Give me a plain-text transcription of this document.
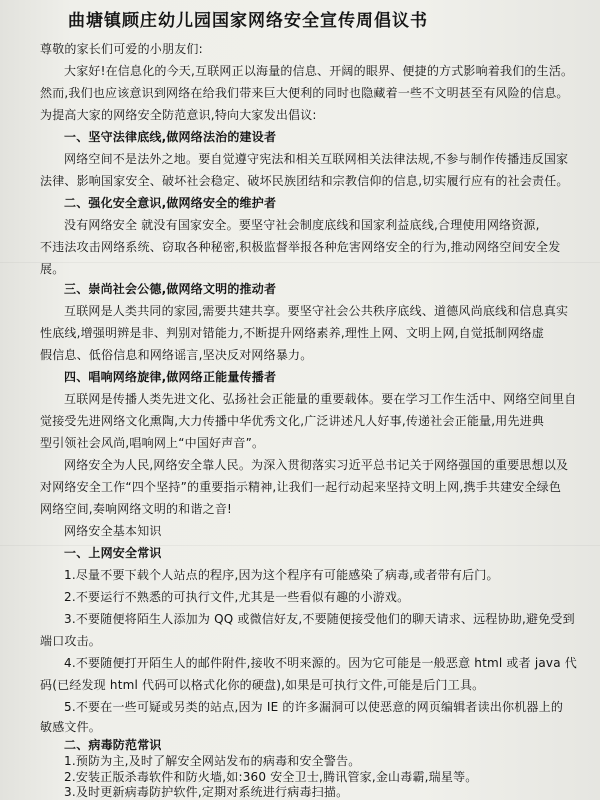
曲塘镇顾庄幼儿园国家网络安全宣传周倡议书
尊敬的家长们可爱的小朋友们:
大家好!在信息化的今天,互联网正以海量的信息、开阔的眼界、便捷的方式影响着我们的生活。
然而,我们也应该意识到网络在给我们带来巨大便利的同时也隐藏着一些不文明甚至有风险的信息。
为提高大家的网络安全防范意识,特向大家发出倡议:
一、坚守法律底线,做网络法治的建设者
网络空间不是法外之地。要自觉遵守宪法和相关互联网相关法律法规,不参与制作传播违反国家
法律、影响国家安全、破坏社会稳定、破坏民族团结和宗教信仰的信息,切实履行应有的社会责任。
二、强化安全意识,做网络安全的维护者
没有网络安全 就没有国家安全。要坚守社会制度底线和国家利益底线,合理使用网络资源,
不违法攻击网络系统、窃取各种秘密,积极监督举报各种危害网络安全的行为,推动网络空间安全发
展。
三、崇尚社会公德,做网络文明的推动者
互联网是人类共同的家园,需要共建共享。要坚守社会公共秩序底线、道德风尚底线和信息真实
性底线,增强明辨是非、判别对错能力,不断提升网络素养,理性上网、文明上网,自觉抵制网络虚
假信息、低俗信息和网络谣言,坚决反对网络暴力。
四、唱响网络旋律,做网络正能量传播者
互联网是传播人类先进文化、弘扬社会正能量的重要载体。要在学习工作生活中、网络空间里自
觉接受先进网络文化熏陶,大力传播中华优秀文化,广泛讲述凡人好事,传递社会正能量,用先进典
型引领社会风尚,唱响网上“中国好声音”。
网络安全为人民,网络安全靠人民。为深入贯彻落实习近平总书记关于网络强国的重要思想以及
对网络安全工作“四个坚持”的重要指示精神,让我们一起行动起来坚持文明上网,携手共建安全绿色
网络空间,奏响网络文明的和谐之音!
网络安全基本知识
一、上网安全常识
1.尽量不要下载个人站点的程序,因为这个程序有可能感染了病毒,或者带有后门。
2.不要运行不熟悉的可执行文件,尤其是一些看似有趣的小游戏。
3.不要随便将陌生人添加为 QQ 或微信好友,不要随便接受他们的聊天请求、远程协助,避免受到
端口攻击。
4.不要随便打开陌生人的邮件附件,接收不明来源的。因为它可能是一般恶意 html 或者 java 代
码(已经发现 html 代码可以格式化你的硬盘),如果是可执行文件,可能是后门工具。
5.不要在一些可疑或另类的站点,因为 IE 的许多漏洞可以使恶意的网页编辑者读出你机器上的
敏感文件。
二、病毒防范常识
1.预防为主,及时了解安全网站发布的病毒和安全警告。
2.安装正版杀毒软件和防火墙,如:360 安全卫士,腾讯管家,金山毒霸,瑞星等。
3.及时更新病毒防护软件,定期对系统进行病毒扫描。
